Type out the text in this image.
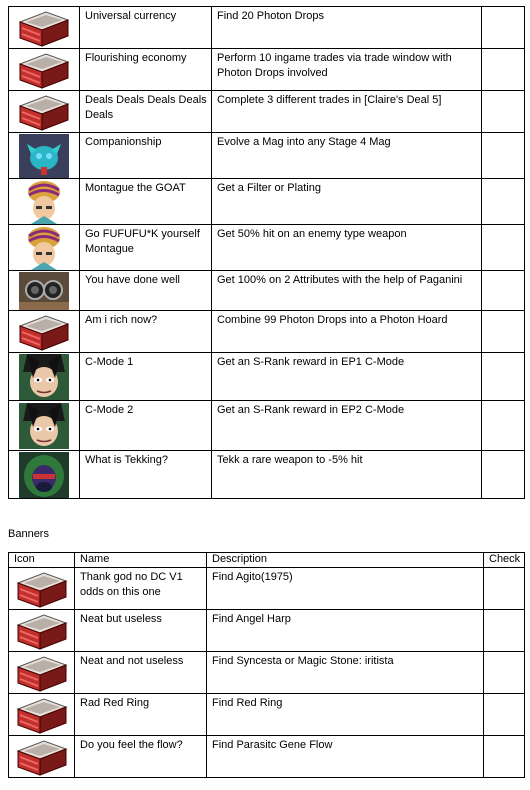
	Universal currency	Find 20 Photon Drops	

	Flourishing economy	Perform 10 ingame trades via trade window with Photon Drops involved	

	Deals Deals Deals Deals Deals	Complete 3 different trades in [Claire's Deal 5]	

	Companionship	Evolve a Mag into any Stage 4 Mag	

	Montague the GOAT	Get a Filter or Plating	

	Go FUFUFU*K yourself Montague	Get 50% hit on an enemy type weapon	

	You have done well	Get 100% on 2 Attributes with the help of Paganini	

	Am i rich now?	Combine 99 Photon Drops into a Photon Hoard	

	C-Mode 1	Get an S-Rank reward in EP1 C-Mode	

	C-Mode 2	Get an S-Rank reward in EP2 C-Mode	

	What is Tekking?	Tekk a rare weapon to -5% hit	
Banners
Icon	Name	Description	Check

	Thank god no DC V1 odds on this one	Find Agito(1975)	

	Neat but useless	Find Angel Harp	

	Neat and not useless	Find Syncesta or Magic Stone: iritista	

	Rad Red Ring	Find Red Ring	

	Do you feel the flow?	Find Parasitc Gene Flow	
